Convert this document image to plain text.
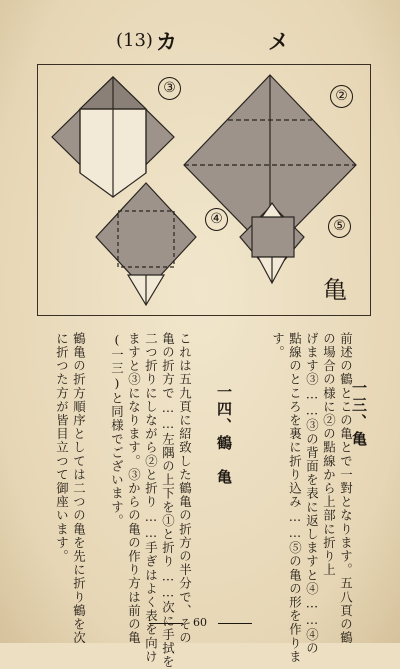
(13) カ	メ
③	②
④	⑤
亀
一三、亀
前述の鶴とこの亀とで一對となります。五八頁の鶴
の場合の様に②の點線から上部に折り上
げます③……③の背面を表に返しますと④……④の
點線のところを裏に折り込み……⑤の亀の形を作りま
す。
一四、鶴　亀
これは五九頁に紹致した鶴亀の折方の半分で、その
亀の折方で……左隅の上下を①と折り……次に手拭を
二つ折りにしながら②と折り……手ぎはよく表を向け
ますと③になります。③からの亀の作り方は前の亀
(一三)と同様でございます。
鶴亀の折方順序としては二つの亀を先に折り鶴を次
に折つた方が皆目立つて御座います。
60
